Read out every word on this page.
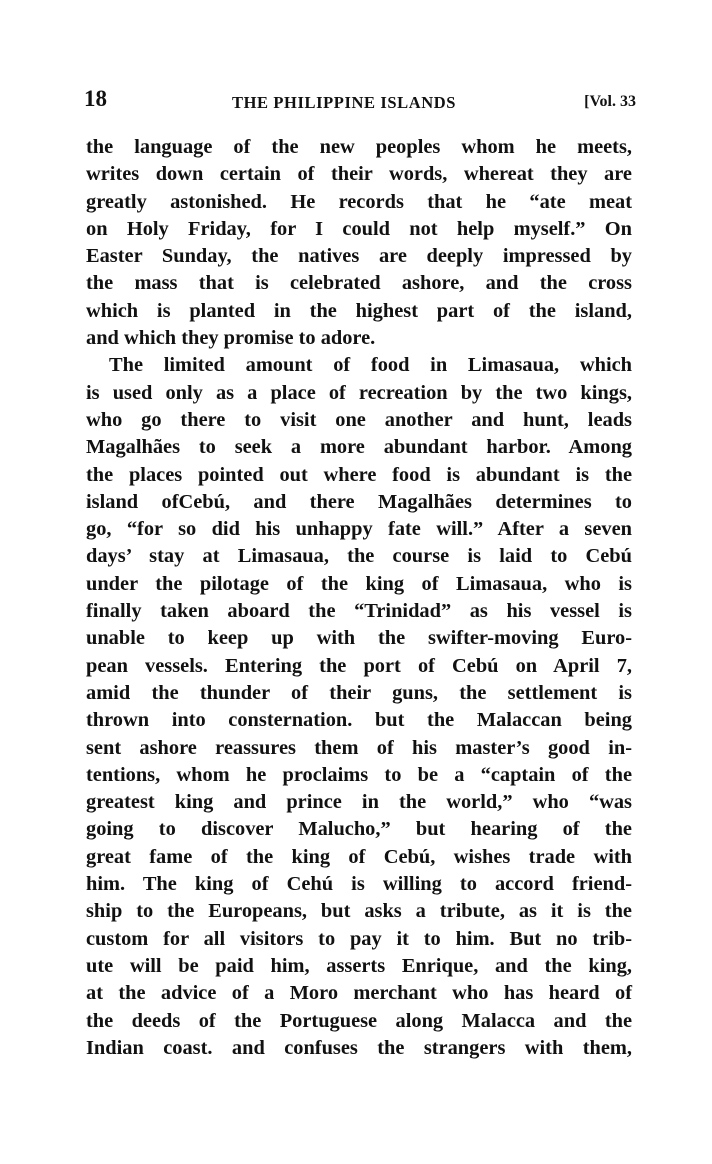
18	THE PHILIPPINE ISLANDS	[Vol. 33
the language of the new peoples whom he meets,
writes down certain of their words, whereat they are
greatly astonished. He records that he “ate meat
on Holy Friday, for I could not help myself.” On
Easter Sunday, the natives are deeply impressed by
the mass that is celebrated ashore, and the cross
which is planted in the highest part of the island,
and which they promise to adore.
The limited amount of food in Limasaua, which
is used only as a place of recreation by the two kings,
who go there to visit one another and hunt, leads
Magalhães to seek a more abundant harbor. Among
the places pointed out where food is abundant is the
island ofCebú, and there Magalhães determines to
go, “for so did his unhappy fate will.” After a seven
days’ stay at Limasaua, the course is laid to Cebú
under the pilotage of the king of Limasaua, who is
finally taken aboard the “Trinidad” as his vessel is
unable to keep up with the swifter-moving Euro-
pean vessels. Entering the port of Cebú on April 7,
amid the thunder of their guns, the settlement is
thrown into consternation. but the Malaccan being
sent ashore reassures them of his master’s good in-
tentions, whom he proclaims to be a “captain of the
greatest king and prince in the world,” who “was
going to discover Malucho,” but hearing of the
great fame of the king of Cebú, wishes trade with
him. The king of Cehú is willing to accord friend-
ship to the Europeans, but asks a tribute, as it is the
custom for all visitors to pay it to him. But no trib-
ute will be paid him, asserts Enrique, and the king,
at the advice of a Moro merchant who has heard of
the deeds of the Portuguese along Malacca and the
Indian coast. and confuses the strangers with them,
